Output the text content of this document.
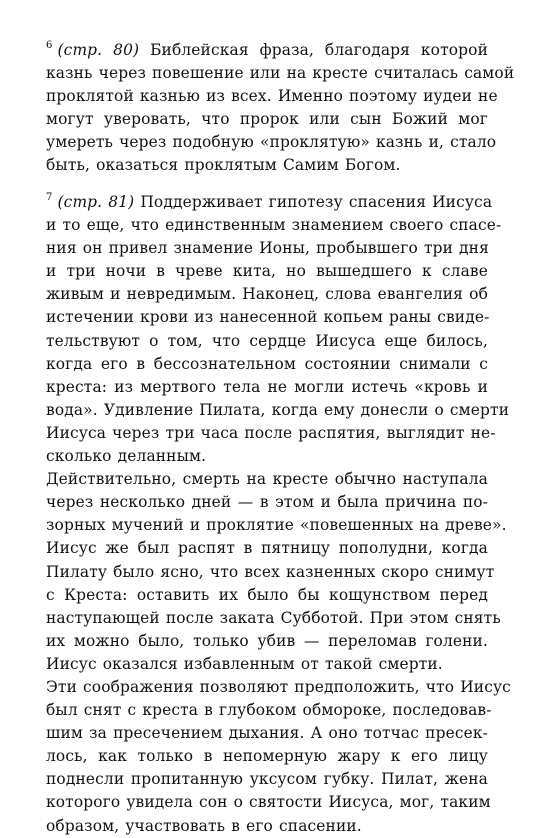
$^6$ (стр. 80) Библейская фраза, благодаря которой
казнь через повешение или на кресте считалась самой
проклятой казнью из всех. Именно поэтому иудеи не
могут уверовать, что пророк или сын Божий мог
умереть через подобную «проклятую» казнь и, стало
быть, оказаться проклятым Самим Богом.
$^7$ (стр. 81) Поддерживает гипотезу спасения Иисуса
и то еще, что единственным знамением своего спасе-
ния он привел знамение Ионы, пробывшего три дня
и три ночи в чреве кита, но вышедшего к славе
живым и невредимым. Наконец, слова евангелия об
истечении крови из нанесенной копьем раны свиде-
тельствуют о том, что сердце Иисуса еще билось,
когда его в бессознательном состоянии снимали с
креста: из мертвого тела не могли истечь «кровь и
вода». Удивление Пилата, когда ему донесли о смерти
Иисуса через три часа после распятия, выглядит не-
сколько деланным.
Действительно, смерть на кресте обычно наступала
через несколько дней — в этом и была причина по-
зорных мучений и проклятие «повешенных на древе».
Иисус же был распят в пятницу пополудни, когда
Пилату было ясно, что всех казненных скоро снимут
с Креста: оставить их было бы кощунством перед
наступающей после заката Субботой. При этом снять
их можно было, только убив — переломав голени.
Иисус оказался избавленным от такой смерти.
Эти соображения позволяют предположить, что Иисус
был снят с креста в глубоком обмороке, последовав-
шим за пресечением дыхания. А оно тотчас пресек-
лось, как только в непомерную жару к его лицу
поднесли пропитанную уксусом губку. Пилат, жена
которого увидела сон о святости Иисуса, мог, таким
образом, участвовать в его спасении.
